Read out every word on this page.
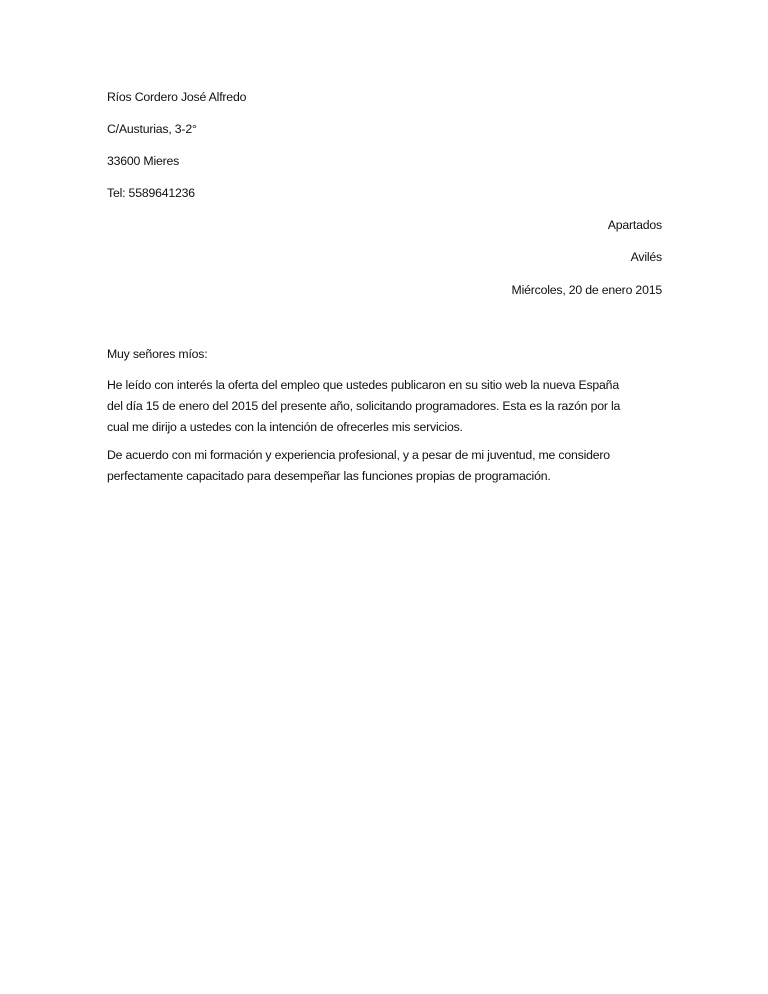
Ríos Cordero José Alfredo
C/Austurias, 3-2°
33600 Mieres
Tel: 5589641236
Apartados
Avilés
Miércoles, 20 de enero 2015
Muy señores míos:
He leído con interés la oferta del empleo que ustedes publicaron en su sitio web la nueva España
del día 15 de enero del 2015 del presente año, solicitando programadores. Esta es la razón por la
cual me dirijo a ustedes con la intención de ofrecerles mis servicios.
De acuerdo con mi formación y experiencia profesional, y a pesar de mi juventud, me considero
perfectamente capacitado para desempeñar las funciones propias de programación.
